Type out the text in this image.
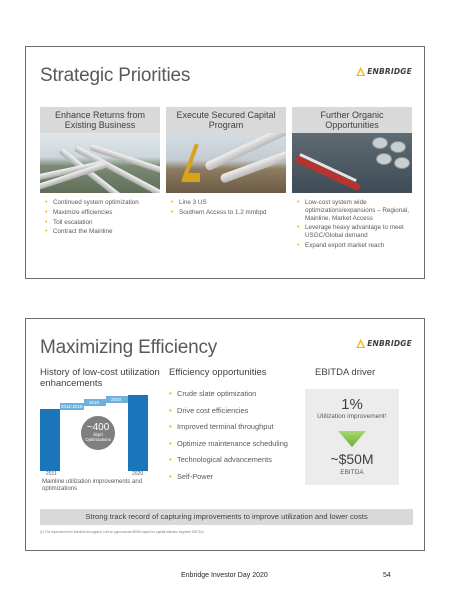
Strategic Priorities	ENBRIDGE
Enhance Returns from Existing Business
• Continued system optimization
• Maximize efficiencies
• Toll escalation
• Contract the Mainline
Execute Secured Capital Program
• Line 3 US
• Southern Access to 1.2 mmbpd
Further Organic Opportunities
• Low-cost system wide optimizations/expansions – Regional, Mainline, Market Access
• Leverage heavy advantage to meet USGC/Global demand
• Expand export market reach
Maximizing Efficiency	ENBRIDGE
History of low-cost utilization enhancements
Efficiency opportunities	EBITDA driver
2012-2015
2016
2020
~400
kbpd Optimizations
2011	2020
Mainline utilization improvements and optimizations
• Crude slate optimization
• Drive cost efficiencies
• Improved terminal throughput
• Optimize maintenance scheduling
• Technological advancements
• Self-Power
1%
Utilization improvement¹
~$50M
EBITDA
Strong track record of capturing improvements to improve utilization and lower costs
(1) The improvement in Mainline throughput, half an approximate $50M impact on capital Mainline segment EBITDA.
Enbridge Investor Day 2020	54
